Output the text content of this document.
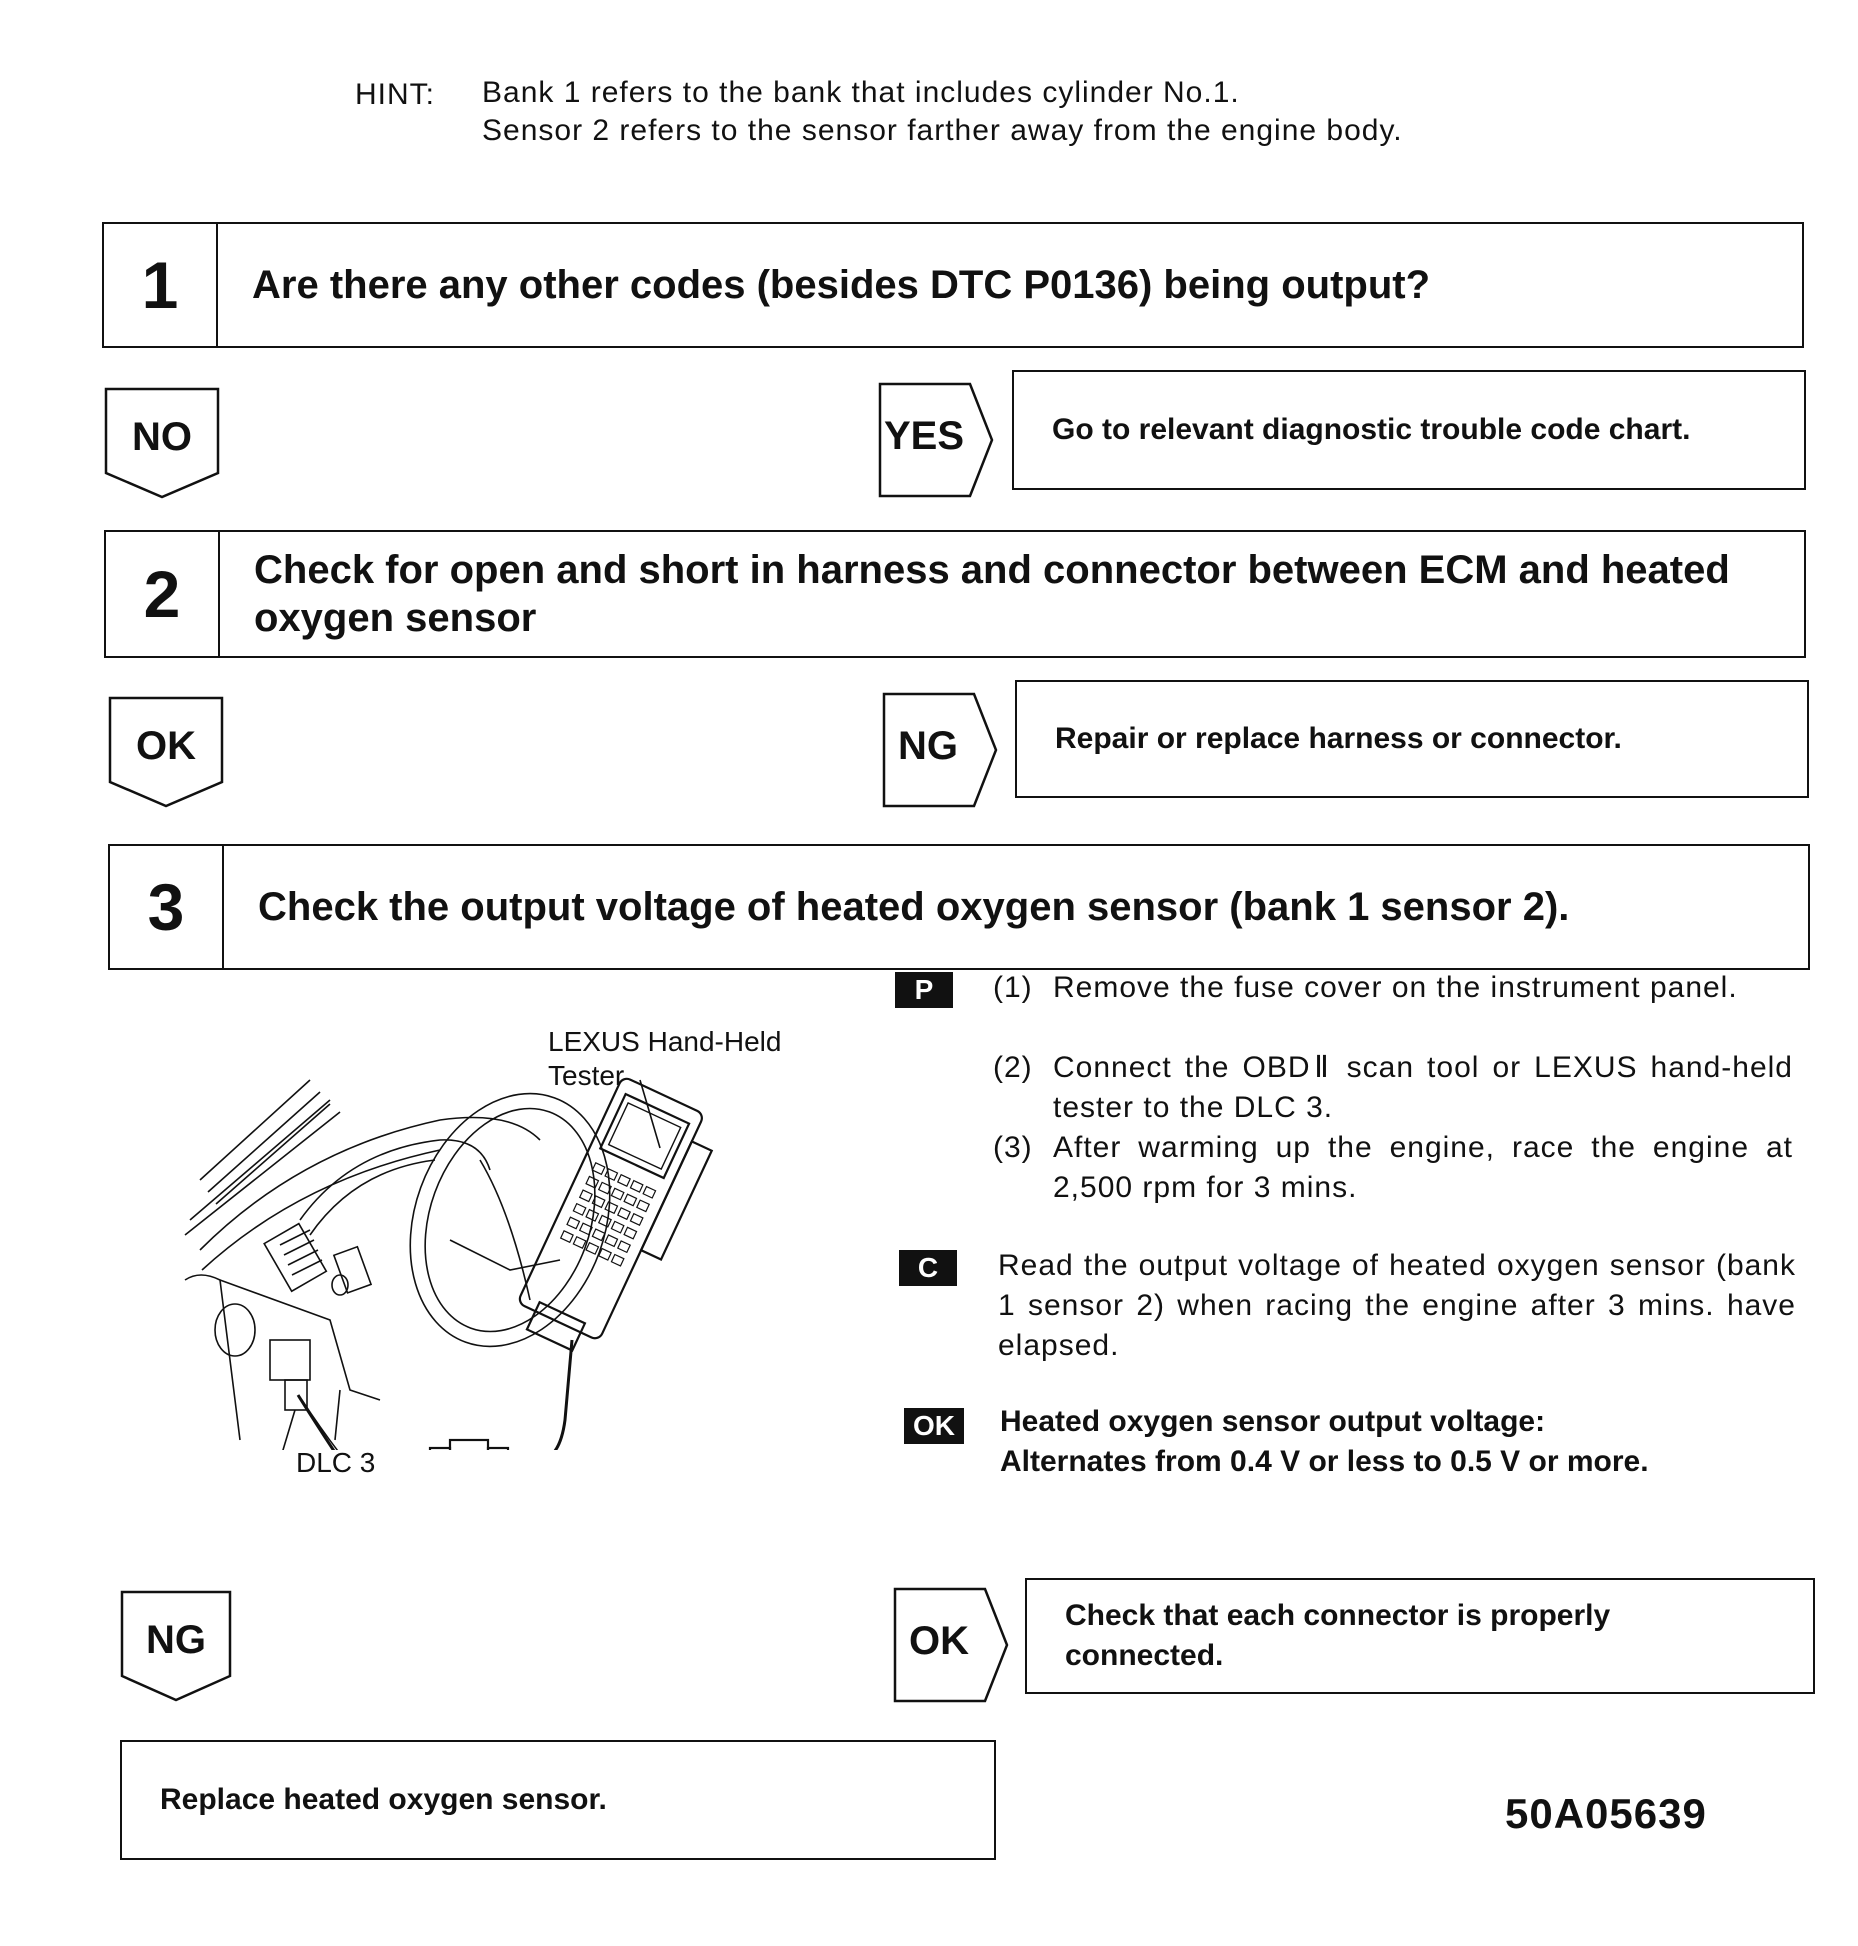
HINT: Bank 1 refers to the bank that includes cylinder No.1.
Sensor 2 refers to the sensor farther away from the engine body.
1	Are there any other codes (besides DTC P0136) being output?
NO	YES	Go to relevant diagnostic trouble code chart.
2	Check for open and short in harness and connector between ECM and heated oxygen sensor
OK	NG	Repair or replace harness or connector.
3	Check the output voltage of heated oxygen sensor (bank 1 sensor 2).
LEXUS Hand-Held
Tester
DLC 3
P	(1) Remove the fuse cover on the instrument panel.
(2) Connect the OBDⅡ scan tool or LEXUS hand-held tester to the DLC 3.
(3) After warming up the engine, race the engine at 2,500 rpm for 3 mins.
C	Read the output voltage of heated oxygen sensor (bank 1 sensor 2) when racing the engine after 3 mins. have elapsed.
OK	Heated oxygen sensor output voltage:
Alternates from 0.4 V or less to 0.5 V or more.
NG	OK
Check that each connector is properly connected.
Replace heated oxygen sensor.	50A05639
